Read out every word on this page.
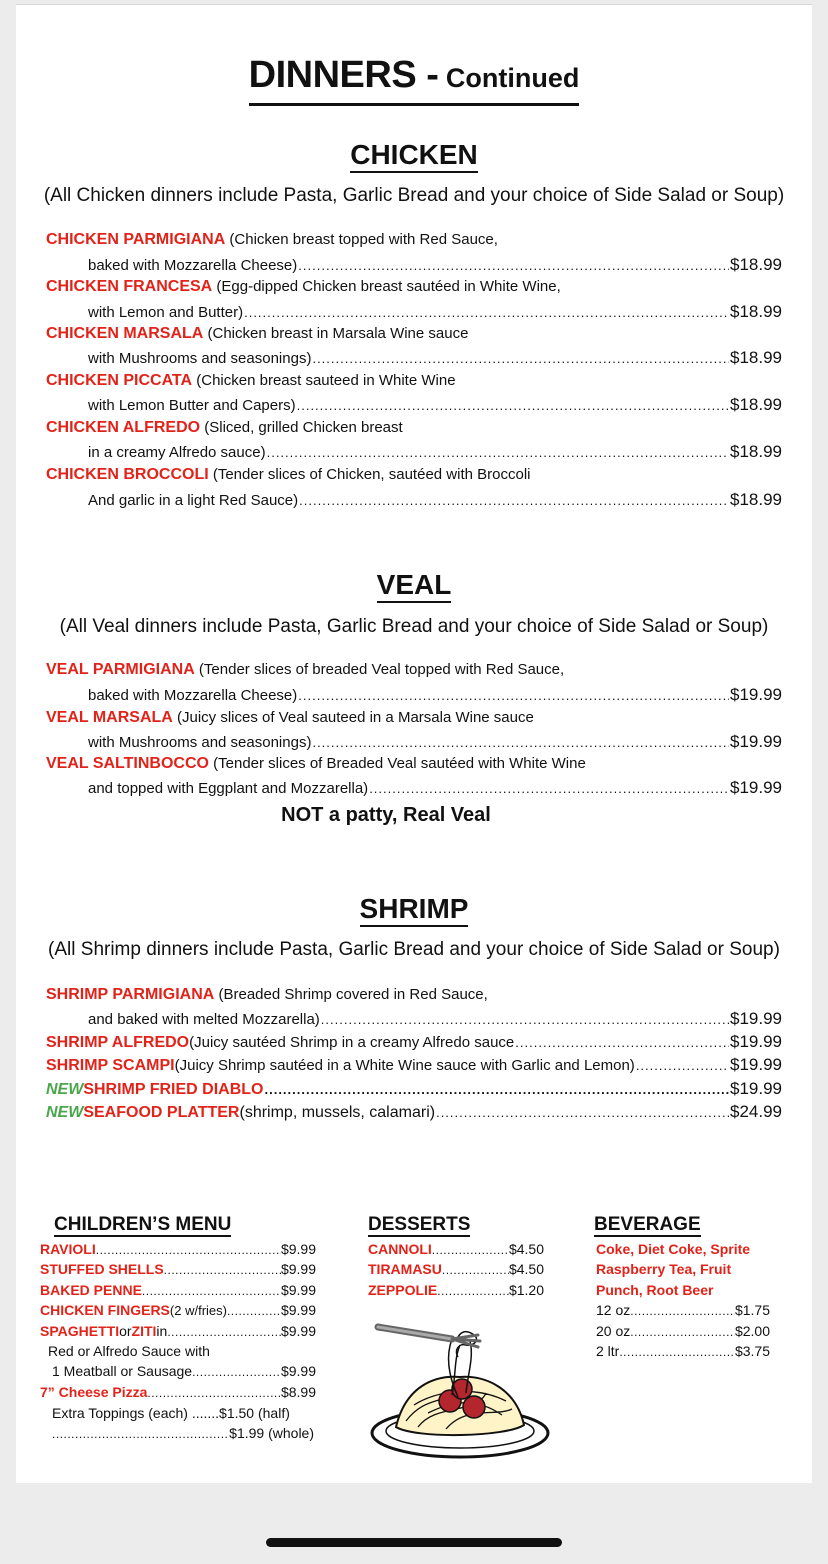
DINNERS - Continued
CHICKEN
(All Chicken dinners include Pasta, Garlic Bread and your choice of Side Salad or Soup)
CHICKEN PARMIGIANA (Chicken breast topped with Red Sauce,
baked with Mozzarella Cheese) .....	$18.99
CHICKEN FRANCESA (Egg-dipped Chicken breast sautéed in White Wine,
with Lemon and Butter) .....	$18.99
CHICKEN MARSALA (Chicken breast in Marsala Wine sauce
with Mushrooms and seasonings) .....	$18.99
CHICKEN PICCATA (Chicken breast sauteed in White Wine
with Lemon Butter and Capers) .....	$18.99
CHICKEN ALFREDO (Sliced, grilled Chicken breast
in a creamy Alfredo sauce) .....	$18.99
CHICKEN BROCCOLI (Tender slices of Chicken, sautéed with Broccoli
And garlic in a light Red Sauce) .....	$18.99
VEAL
(All Veal dinners include Pasta, Garlic Bread and your choice of Side Salad or Soup)
VEAL PARMIGIANA (Tender slices of breaded Veal topped with Red Sauce,
baked with Mozzarella Cheese) .....	$19.99
VEAL MARSALA (Juicy slices of Veal sauteed in a Marsala Wine sauce
with Mushrooms and seasonings) .....	$19.99
VEAL SALTINBOCCO (Tender slices of Breaded Veal sautéed with White Wine
and topped with Eggplant and Mozzarella) .....	$19.99
NOT a patty, Real Veal
SHRIMP
(All Shrimp dinners include Pasta, Garlic Bread and your choice of Side Salad or Soup)
SHRIMP PARMIGIANA (Breaded Shrimp covered in Red Sauce,
and baked with melted Mozzarella) .....	$19.99
SHRIMP ALFREDO (Juicy sautéed Shrimp in a creamy Alfredo sauce .....	$19.99
SHRIMP SCAMPI (Juicy Shrimp sautéed in a White Wine sauce with Garlic and Lemon) .....	$19.99
NEW SHRIMP FRIED DIABLO .....	$19.99
NEW SEAFOOD PLATTER (shrimp, mussels, calamari) .....	$24.99
CHILDREN’S MENU
RAVIOLI .....	$9.99
STUFFED SHELLS .....	$9.99
BAKED PENNE .....	$9.99
CHICKEN FINGERS (2 w/fries) .....	$9.99
SPAGHETTI or ZITI in .....	$9.99
Red or Alfredo Sauce with
1 Meatball or Sausage .....	$9.99
7” Cheese Pizza .....	$8.99
Extra Toppings (each) ....... $1.50 (half)
.....
$1.99 (whole)
DESSERTS
CANNOLI .....	$4.50
TIRAMASU .....	$4.50
ZEPPOLIE .....	$1.20
BEVERAGE
Coke, Diet Coke, Sprite
Raspberry Tea, Fruit
Punch, Root Beer
12 oz .....	$1.75
20 oz .....	$2.00
2 ltr .....	$3.75
